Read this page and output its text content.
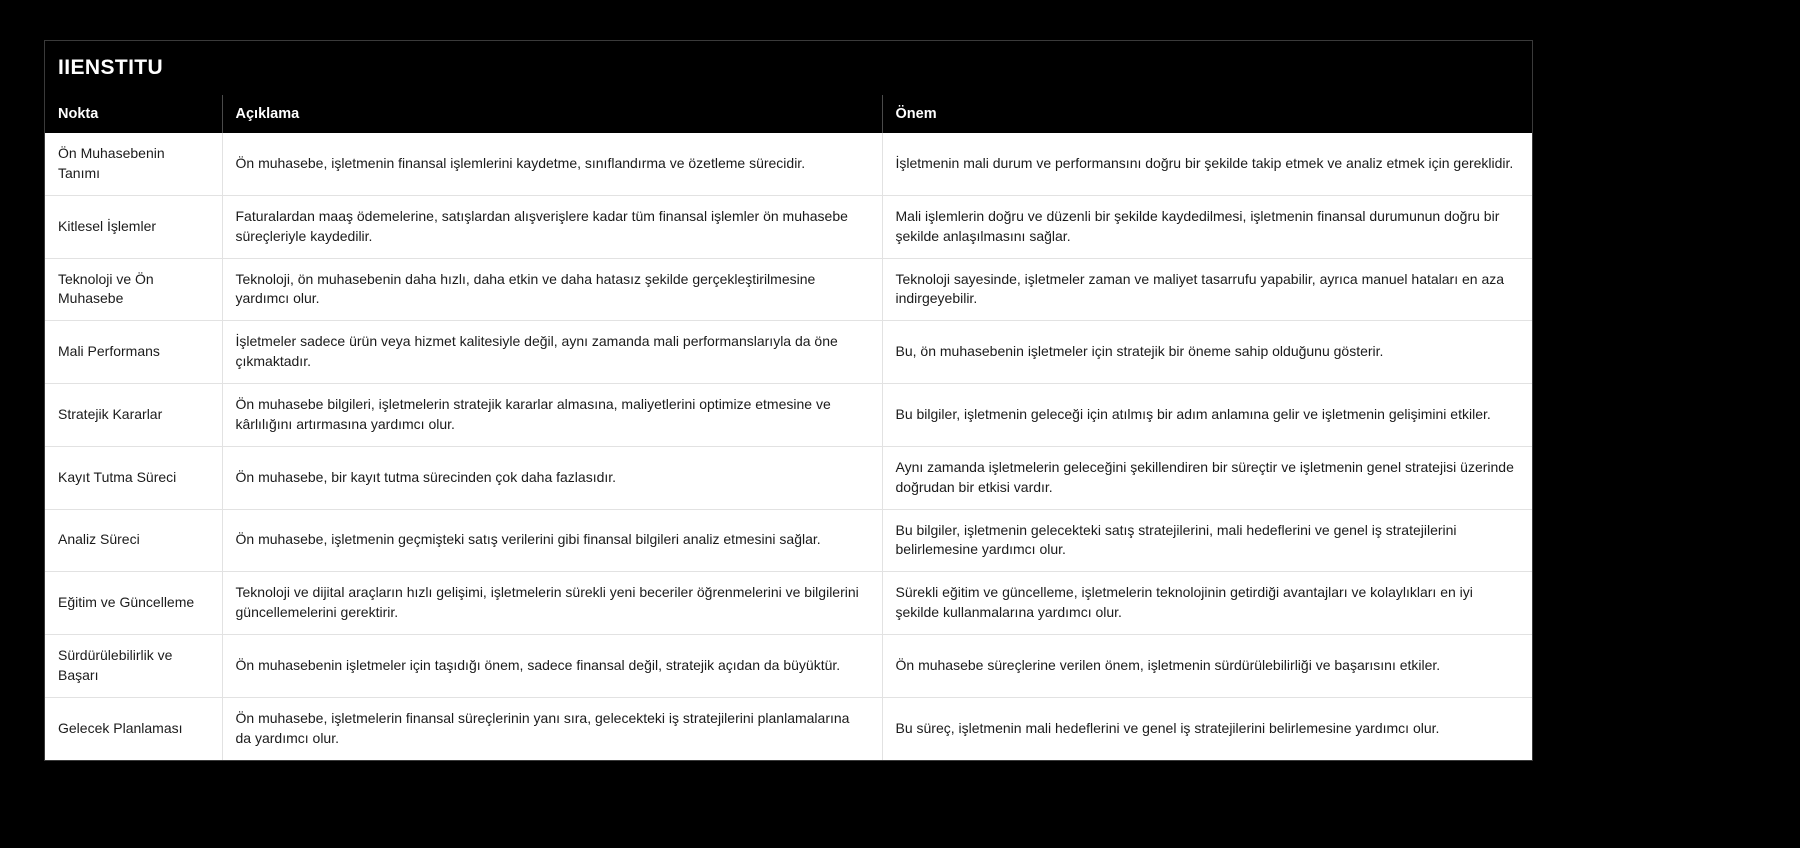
IIENSTITU
Nokta	Açıklama	Önem
Ön Muhasebenin Tanımı	Ön muhasebe, işletmenin finansal işlemlerini kaydetme, sınıflandırma ve özetleme sürecidir.	İşletmenin mali durum ve performansını doğru bir şekilde takip etmek ve analiz etmek için gereklidir.
Kitlesel İşlemler	Faturalardan maaş ödemelerine, satışlardan alışverişlere kadar tüm finansal işlemler ön muhasebe süreçleriyle kaydedilir.	Mali işlemlerin doğru ve düzenli bir şekilde kaydedilmesi, işletmenin finansal durumunun doğru bir şekilde anlaşılmasını sağlar.
Teknoloji ve Ön Muhasebe	Teknoloji, ön muhasebenin daha hızlı, daha etkin ve daha hatasız şekilde gerçekleştirilmesine yardımcı olur.	Teknoloji sayesinde, işletmeler zaman ve maliyet tasarrufu yapabilir, ayrıca manuel hataları en aza indirgeyebilir.
Mali Performans	İşletmeler sadece ürün veya hizmet kalitesiyle değil, aynı zamanda mali performanslarıyla da öne çıkmaktadır.	Bu, ön muhasebenin işletmeler için stratejik bir öneme sahip olduğunu gösterir.
Stratejik Kararlar	Ön muhasebe bilgileri, işletmelerin stratejik kararlar almasına, maliyetlerini optimize etmesine ve kârlılığını artırmasına yardımcı olur.	Bu bilgiler, işletmenin geleceği için atılmış bir adım anlamına gelir ve işletmenin gelişimini etkiler.
Kayıt Tutma Süreci	Ön muhasebe, bir kayıt tutma sürecinden çok daha fazlasıdır.	Aynı zamanda işletmelerin geleceğini şekillendiren bir süreçtir ve işletmenin genel stratejisi üzerinde doğrudan bir etkisi vardır.
Analiz Süreci	Ön muhasebe, işletmenin geçmişteki satış verilerini gibi finansal bilgileri analiz etmesini sağlar.	Bu bilgiler, işletmenin gelecekteki satış stratejilerini, mali hedeflerini ve genel iş stratejilerini belirlemesine yardımcı olur.
Eğitim ve Güncelleme	Teknoloji ve dijital araçların hızlı gelişimi, işletmelerin sürekli yeni beceriler öğrenmelerini ve bilgilerini güncellemelerini gerektirir.	Sürekli eğitim ve güncelleme, işletmelerin teknolojinin getirdiği avantajları ve kolaylıkları en iyi şekilde kullanmalarına yardımcı olur.
Sürdürülebilirlik ve Başarı	Ön muhasebenin işletmeler için taşıdığı önem, sadece finansal değil, stratejik açıdan da büyüktür.	Ön muhasebe süreçlerine verilen önem, işletmenin sürdürülebilirliği ve başarısını etkiler.
Gelecek Planlaması	Ön muhasebe, işletmelerin finansal süreçlerinin yanı sıra, gelecekteki iş stratejilerini planlamalarına da yardımcı olur.	Bu süreç, işletmenin mali hedeflerini ve genel iş stratejilerini belirlemesine yardımcı olur.
